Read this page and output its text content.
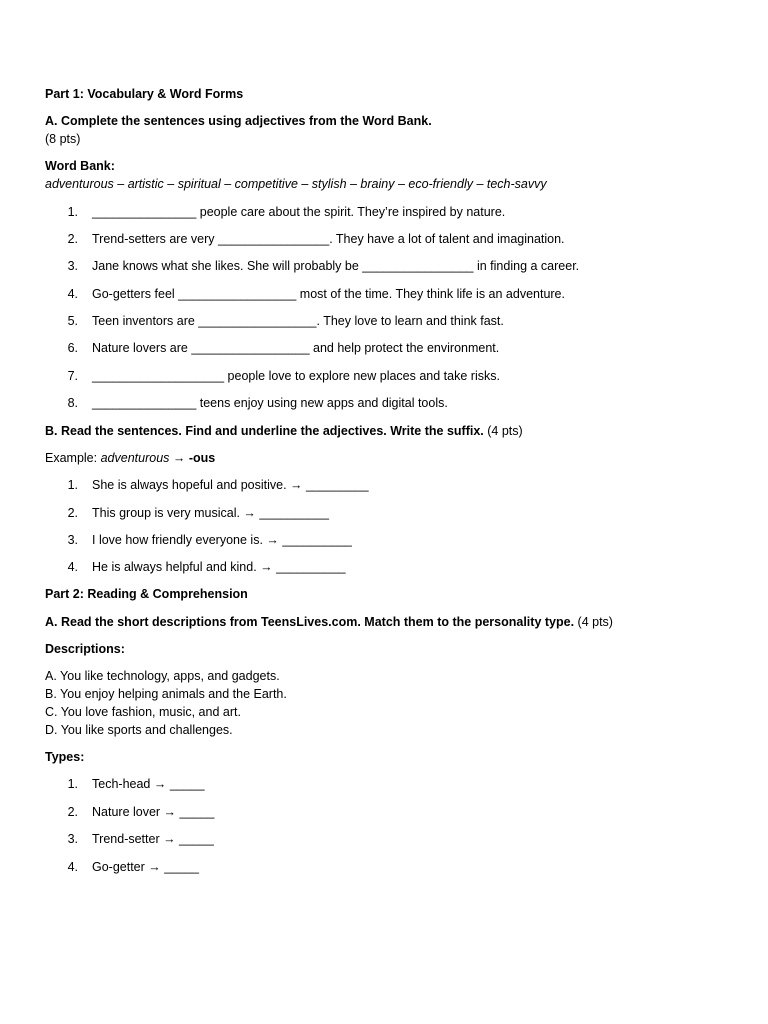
Part 1: Vocabulary & Word Forms
A. Complete the sentences using adjectives from the Word Bank.
(8 pts)
Word Bank:
adventurous – artistic – spiritual – competitive – stylish – brainy – eco-friendly – tech-savvy
1. _______________ people care about the spirit. They’re inspired by nature.
2. Trend-setters are very ________________. They have a lot of talent and imagination.
3. Jane knows what she likes. She will probably be ________________ in finding a career.
4. Go-getters feel _________________ most of the time. They think life is an adventure.
5. Teen inventors are _________________. They love to learn and think fast.
6. Nature lovers are _________________ and help protect the environment.
7. ___________________ people love to explore new places and take risks.
8. _______________ teens enjoy using new apps and digital tools.
B. Read the sentences. Find and underline the adjectives. Write the suffix. (4 pts)
Example: adventurous → -ous
1. She is always hopeful and positive. → _________
2. This group is very musical. → __________
3. I love how friendly everyone is. → __________
4. He is always helpful and kind. → __________
Part 2: Reading & Comprehension
A. Read the short descriptions from TeensLives.com. Match them to the personality type. (4 pts)
Descriptions:
A. You like technology, apps, and gadgets.
B. You enjoy helping animals and the Earth.
C. You love fashion, music, and art.
D. You like sports and challenges.
Types:
1. Tech-head → _____
2. Nature lover → _____
3. Trend-setter → _____
4. Go-getter → _____
